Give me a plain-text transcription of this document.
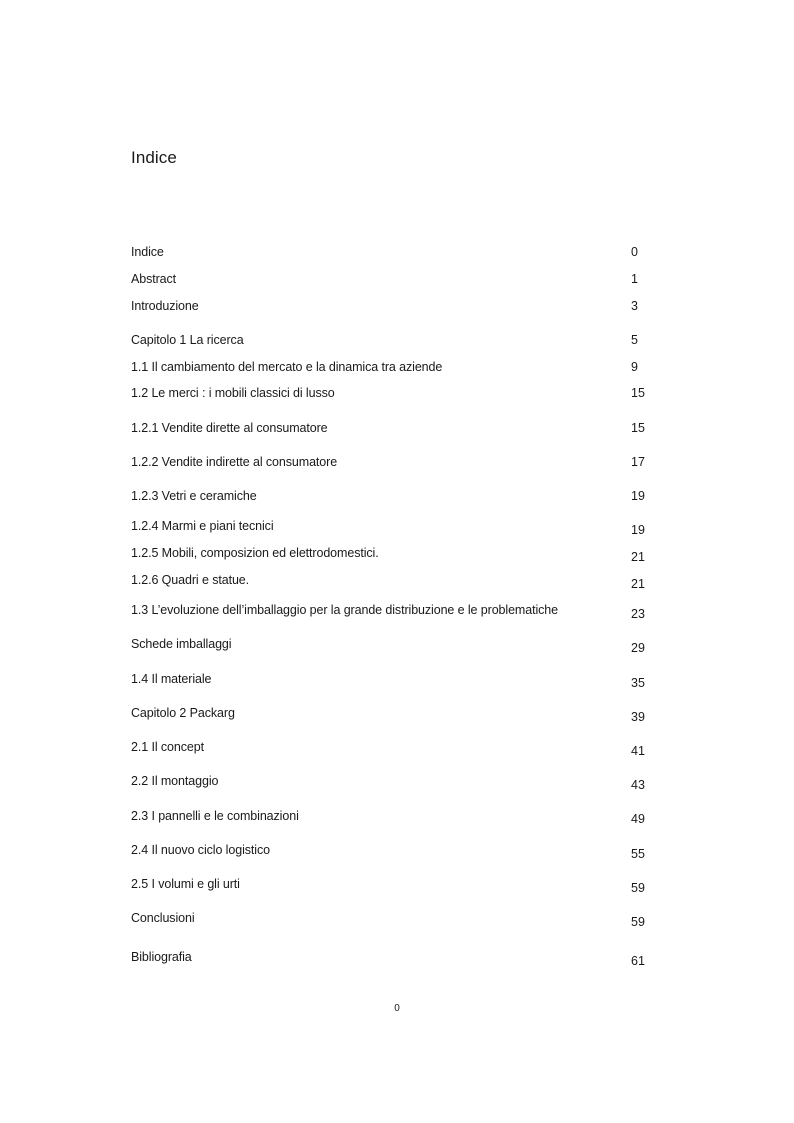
Indice
Indice	0
Abstract	1
Introduzione	3
Capitolo 1 La ricerca	5
1.1 Il cambiamento del mercato e la dinamica tra aziende	9
1.2 Le merci : i mobili classici di lusso	15
1.2.1 Vendite dirette al consumatore	15
1.2.2 Vendite indirette al consumatore	17
1.2.3 Vetri e ceramiche	19
1.2.4 Marmi e piani tecnici	19
1.2.5 Mobili, composizion ed elettrodomestici.	21
1.2.6 Quadri e statue.	21
1.3 L’evoluzione dell’imballaggio per la grande distribuzione e le problematiche	23
Schede imballaggi	29
1.4 Il materiale	35
Capitolo 2 Packarg	39
2.1 Il concept	41
2.2 Il montaggio	43
2.3 I pannelli e le combinazioni	49
2.4 Il nuovo ciclo logistico	55
2.5 I volumi e gli urti	59
Conclusioni	59
Bibliografia	61
0
